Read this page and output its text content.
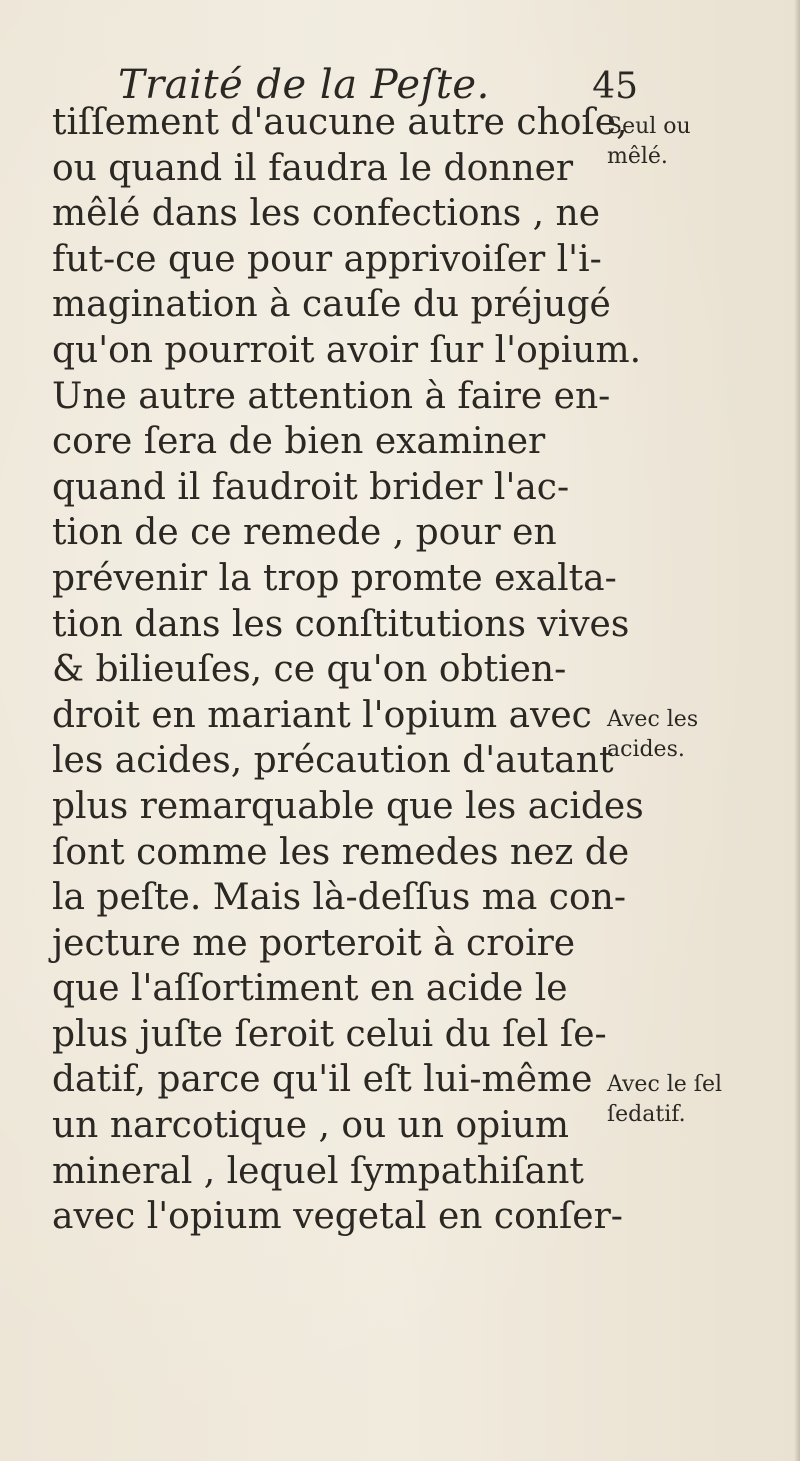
Traité de la Peſte.	45
tiſſement d'aucune autre choſe,
ou quand il faudra le donner
mêlé dans les confections , ne
fut-ce que pour apprivoiſer l'i-
magination à cauſe du préjugé
qu'on pourroit avoir ſur l'opium.
Une autre attention à faire en-
core ſera de bien examiner
quand il faudroit brider l'ac-
tion de ce remede , pour en
prévenir la trop promte exalta-
tion dans les conſtitutions vives
& bilieuſes, ce qu'on obtien-
droit en mariant l'opium avec
les acides, précaution d'autant
plus remarquable que les acides
ſont comme les remedes nez de
la peſte. Mais là-deſſus ma con-
jecture me porteroit à croire
que l'aſſortiment en acide le
plus juſte ſeroit celui du ſel ſe-
datif, parce qu'il eſt lui-même
un narcotique , ou un opium
mineral , lequel ſympathiſant
avec l'opium vegetal en conſer-
Seul ou
mêlé.
Avec les
acides.
Avec le ſel
ſedatif.
